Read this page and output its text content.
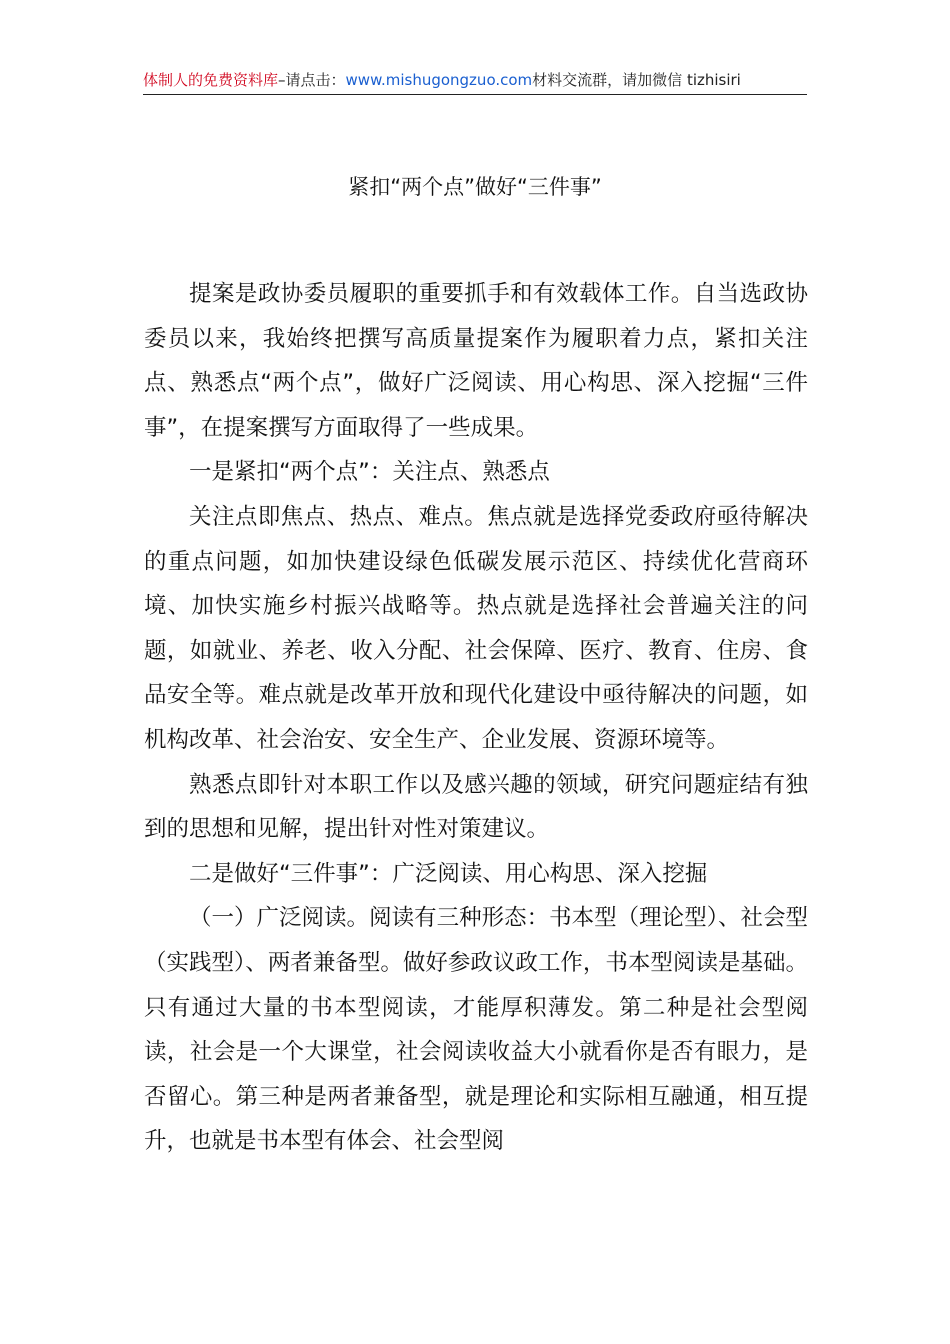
体制人的免费资料库–请点击：www.mishugongzuo.com材料交流群，请加微信 tizhisiri
紧扣“两个点”做好“三件事”

提案是政协委员履职的重要抓手和有效载体工作。自当选政协委员以来，我始终把撰写高质量提案作为履职着力点，紧扣关注点、熟悉点“两个点”，做好广泛阅读、用心构思、深入挖掘“三件事”，在提案撰写方面取得了一些成果。

一是紧扣“两个点”：关注点、熟悉点

关注点即焦点、热点、难点。焦点就是选择党委政府亟待解决的重点问题，如加快建设绿色低碳发展示范区、持续优化营商环境、加快实施乡村振兴战略等。热点就是选择社会普遍关注的问题，如就业、养老、收入分配、社会保障、医疗、教育、住房、食品安全等。难点就是改革开放和现代化建设中亟待解决的问题，如机构改革、社会治安、安全生产、企业发展、资源环境等。

熟悉点即针对本职工作以及感兴趣的领域，研究问题症结有独到的思想和见解，提出针对性对策建议。

二是做好“三件事”：广泛阅读、用心构思、深入挖掘

（一）广泛阅读。阅读有三种形态：书本型（理论型）、社会型（实践型）、两者兼备型。做好参政议政工作，书本型阅读是基础。只有通过大量的书本型阅读，才能厚积薄发。第二种是社会型阅读，社会是一个大课堂，社会阅读收益大小就看你是否有眼力，是否留心。第三种是两者兼备型，就是理论和实际相互融通，相互提升，也就是书本型有体会、社会型阅
